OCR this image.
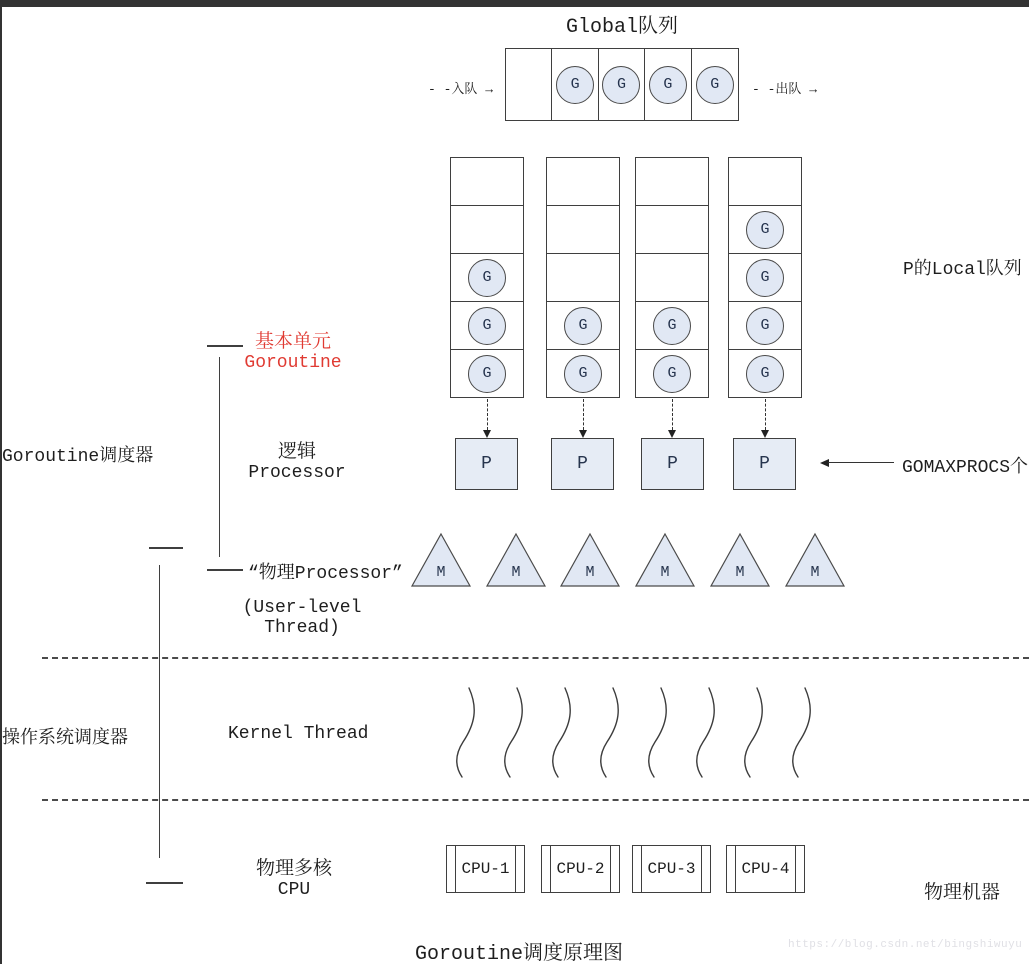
Global队列
- -入队 →	- -出队 →
G	G	G	G
P的Local队列
G
G
G
G
G
G
G
G
G
G
G
P	P	P	P	GOMAXPROCS个
基本单元
Goroutine
逻辑
Processor
Goroutine调度器
“物理Processor”
(User-level
Thread)
M	M	M	M	M	M
操作系统调度器	Kernel Thread
物理多核
CPU
CPU-1	CPU-2	CPU-3	CPU-4
物理机器
Goroutine调度原理图	https://blog.csdn.net/bingshiwuyu
